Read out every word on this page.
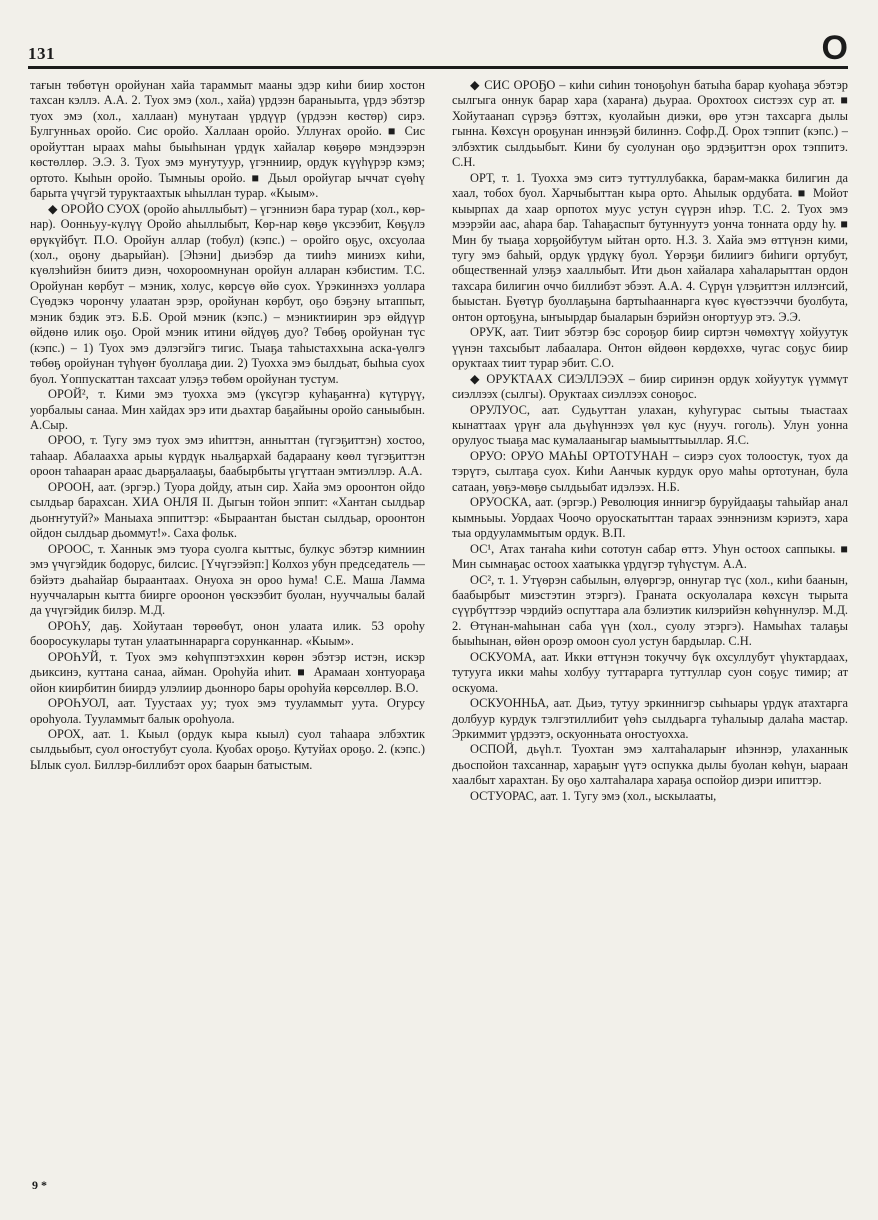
131	О

тағын төбөтүн оройунан хайа тараммыт мааны эдэр киһи биир хостон тахсан кэллэ. А.А. 2. Туох эмэ (хол., хайа) үрдээн бараныыта, үрдэ эбэтэр туох эмэ (хол., халлаан) мунутаан үрдүүр (үрдээн көстөр) сирэ. Булгунньах оройо. Сис оройо. Халлаан оройо. Уллуҥах оройо. ■ Сис оройуттан ыраах маһы быыһынан үрдүк хайалар көҕөрө мэндээрэн көстөллөр. Э.Э. 3. Туох эмэ муҥутуур, үгэнниир, ордук күүһүрэр кэмэ; ортото. Кыһын оройо. Тымныы оройо. ■ Дьыл оройугар ыччат сүөһү барыта үчүгэй туруктаахтык ыһыллан турар. «Кыым».

◆ ОРОЙО СУОХ (оройо аһыллыбыт) – үгэнниэн бара турар (хол., көр-нар). Оонньуу-күлүү Оройо аһыллыбыт, Көр-нар көҕө үксээбит, Көҕүлэ өрүкүйбүт. П.О. Оройун аллар (тобул) (кэпс.) – оройго оҕус, охсуолаа (хол., оҕону дьарыйан). [Эһэни] дьиэбэр да тииһэ миниэх киһи, күөлэһийэн биитэ диэн, чохороомнунан оройун алларан кэбистим. Т.С. Оройунан көрбут – мэник, холус, көрсүө өйө суох. Үрэкиннэхэ уоллара Сүөдэкэ чорончу улаатан эрэр, оройунан көрбут, оҕо бэҕэну ытаппыт, мэник бэдик этэ. Б.Б. Орой мэник (кэпс.) – мэниктиирин эрэ өйдүүр өйдөнө илик оҕо. Орой мэник итини өйдүөҕ дуо? Төбөҕ оройунан түс (кэпс.) – 1) Туох эмэ дэлэгэйгэ тигис. Тыаҕа таһыстаххына аска-үөлгэ төбөҕ оройунан түһүөҥ буоллаҕа дии. 2) Туоххa эмэ былдьат, быһыа суох буол. Үоппускаттан тахсаат улэҕэ төбөм оройунан тустум.

ОРОЙ², т. Кими эмэ туохха эмэ (үксүгэр куһаҕаҥҥа) күтүрүү, уорбалыы санаа. Мин хайдах эрэ ити дьахтар баҕайыны оройо саныыбын. А.Сыр.

ОРОО, т. Тугу эмэ туох эмэ иһиттэн, анныттан (түгэҕиттэн) хостоо, таһаар. Абалаахха арыы күрдүк ньалҕархай бадараану көөл түгэҕиттэн ороон таһааран араас дьарҕалааҕы, баабырбыты үгүттаан эмтиэллэр. А.А.

ОРООН, аат. (эргэр.) Туора дойду, атын сир. Хайа эмэ ороонтон ойдо сылдьар барахсан. ХИА ОНЛЯ II. Дыгын тойон эппит: «Хантан сылдьар дьоҥҥутуй?» Маныаха эппиттэр: «Быраантан быстан сылдьар, ороонтон ойдон сылдьар дьоммут!». Саха фольк.

ОРООС, т. Ханнык эмэ туора суолга кыттыс, булкус эбэтэр кимниин эмэ үчүгэйдик бодорус, билсис. [Үчүгээйэп:] Колхоз убун председатель — бэйэтэ дьаһайар быраантаах. Онуоха эн ороо һума! С.Е. Маша Ламма нууччаларын кытта биирге ороонон үөскээбит буолан, нууччалыы балай да үчүгэйдик билэр. М.Д.

ОРОҺУ, даҕ. Хойутаан төрөөбүт, онон улаата илик. 53 ороһу бооросукулары тутан улаатыннарарга сорунканнар. «Кыым».

ОРОҺУЙ, т. Туох эмэ көһүппэтэххин көрөн эбэтэр истэн, искэр дьиксинэ, куттана санаа, айман. Ороһуйа иһит. ■ Арамаан хонтуораҕа ойон киирбитин биирдэ улэлиир дьонноро бары ороһуйа көрсөллөр. В.О.

ОРОҺУОЛ, аат. Тууcтаах уу; туох эмэ тууламмыт уута. Огурсу ороһуола. Тууламмыт балык ороһуола.

ОРОХ, аат. 1. Кыыл (ордук кыра кыыл) суол таһаара элбэхтик сылдьыбыт, суол оҥостубут суола. Куобах ороҕо. Кутуйах ороҕо. 2. (кэпс.) Ылык суол. Биллэр-биллибэт орох баарын батыстым.

◆ СИС ОРОҔО – киһи сиһин тоноҕоһун батыһа барар куоһаҕа эбэтэр сылгыга оннук барар хара (хараҥа) дьураа. Орохтоох систээх сур ат. ■ Хойутаанап сүрэҕэ бэттэх, куолайын диэки, өрө утэн тахсарга дылы гынна. Көхсүн ороҕунан иннэҕэй билиннэ. Софр.Д. Орох тэппит (кэпс.) – элбэхтик сылдьыбыт. Кини бу суолунан оҕо эрдэҕиттэн орох тэппитэ. С.Н.

ОРТ, т. 1. Туохха эмэ ситэ туттуллубакка, барам-макка билигин да хаал, тобох буол. Харчыбыттан кыра орто. Аһылык ордубата. ■ Мойот кыырпах да хаар орпотох муус устун сүүрэн иһэр. Т.С. 2. Туох эмэ мээрэйи аас, аһара бар. Таһаҕаспыт бутуннуутэ уонча тонната орду һу. ■ Мин бу тыаҕа хорҕойбутум ыйтан орто. Н.З. 3. Хайа эмэ өттүнэн кими, тугу эмэ баһый, ордук үрдүкү буол. Үөрэҕи билиигэ биһиги ортубут, общественнай улэҕэ хааллыбыт. Ити дьон хайалара хаһаларыттан ордон тахсара билигин оччо биллибэт эбээт. А.А. 4. Сүрүн үлэҕиттэн иллэҥсий, быыстан. Бүөтүр буоллаҕына бартыһааннарга күөс күөстээччи буолбута, онтон ортоҕуна, ыҥыырдар быаларын бэрийэн оҥортуур этэ. Э.Э.

ОРУК, аат. Тиит эбэтэр бэс сороҕор биир сиртэн чөмөхтүү хойуутук үүнэн тахсыбыт лабаалара. Онтон өйдөөн көрдөххө, чугас соҕус биир оруктаах тиит турар эбит. С.О.

◆ ОРУКТААХ СИЭЛЛЭЭХ – биир сиринэн ордук хойуутук үүммүт сиэллээх (сылгы). Оруктаах сиэллээх соноҕос.

ОРУЛУОС, аат. Судьуттан улахан, куһугурас сытыы тыастаах кынаттаах үрүҥ ала дьүһүннээх үөл кус (нууч. гоголь). Улун уонна орулуос тыаҕа мас кумалааныгар ыамыыттыыллар. Я.С.

ОРУО: ОРУО МАҺЫ ОРТОТУНАН – сиэрэ суох толоостук, туох да тэрүтэ, сылтаҕа суох. Киһи Аанчык курдук оруо маһы ортотунан, була сатаан, уөҕэ-мөҕө сылдьыбат идэлээх. Н.Б.

ОРУОСКА, аат. (эргэр.) Революция иннигэр буруйдааҕы таһыйар анал кымньыы. Уордаах Чоочо оруоскатыттан тараах ээннэнизм кэриэтэ, хара тыа ордууламмытым ордук. В.П.

ОС¹, Атах таҥаһа киһи сототун сабар өттэ. Уһун остоох саппыкы. ■ Мин сымнаҕас остоох хаатыкка үрдүгэр түһүстүм. А.А.

ОС², т. 1. Утүөрэн сабылын, өлүөргэр, оннугар түс (хол., киһи баанын, баабырбыт миэстэтин этэргэ). Граната оскуолаларa көхсүн тырыта сүүрбүттээр чэрдийэ оспуттара ала бэлиэтик килэрийэн көһүннулэр. М.Д. 2. Өтүнан-маһынан саба үүн (хол., суолу этэргэ). Намыһах талаҕы быыһынан, өйөн ороэр омоон суол устун бардылар. С.Н.

ОСКУОМА, аат. Икки өттүнэн токуччу бүк охсуллубут үһуктардаах, тутууга икки маһы холбуу туттарарга туттуллар суон соҕус тимир; ат оскуома.

ОСКУОННЬА, аат. Дьиэ, тутуу эркиннигэр сыһыары үрдүк атахтарга долбуур курдук тэлгэтиллибит үөһэ сылдьарга туһалыыр далаһа мастар. Эркиммит үрдээтэ, оскуонньата оҥостуохха.

ОСПОЙ, дьүһ.т. Туохтан эмэ халтаһаларыҥ иһэннэр, улаханнык дьоспойон тахсаннар, хараҕыҥ үүтэ оспукка дылы буолан көһүн, ыараан хаалбыт харахтан. Бу оҕо халтаһалара хараҕа оспойор диэри ипиттэр.

ОСТУОРАС, аат. 1. Тугу эмэ (хол., ыскылааты,

9 *
